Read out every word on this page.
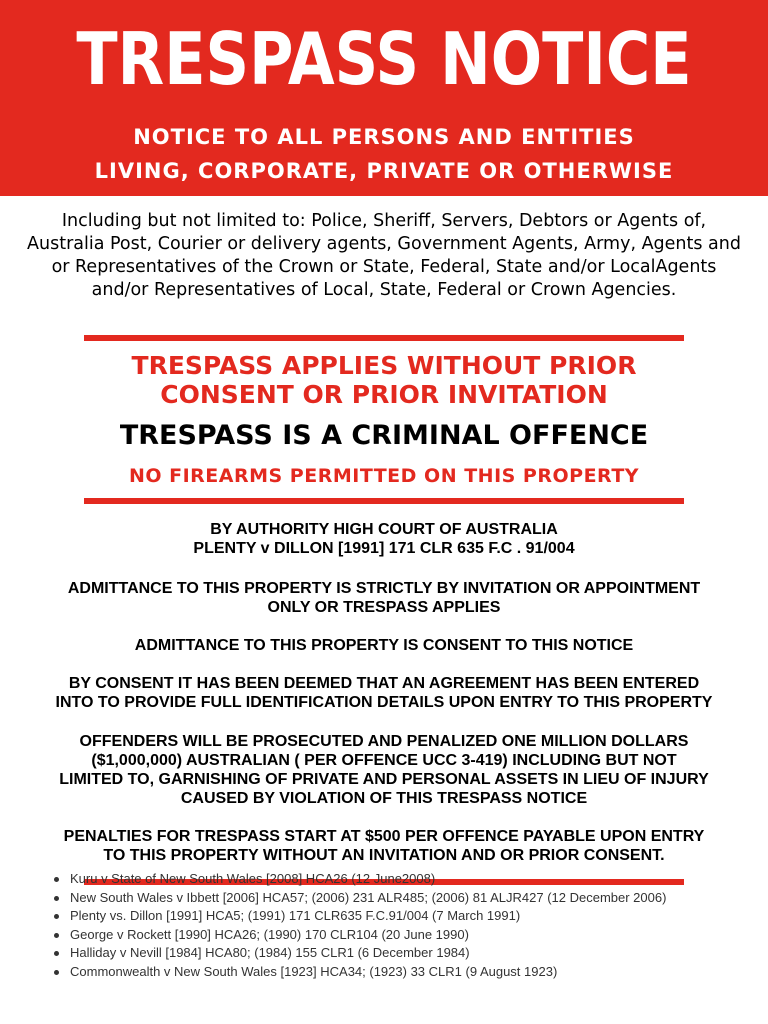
TRESPASS NOTICE
NOTICE TO ALL PERSONS AND ENTITIES
LIVING, CORPORATE, PRIVATE OR OTHERWISE
Including but not limited to: Police, Sheriff, Servers, Debtors or Agents of, Australia Post, Courier or delivery agents, Government Agents, Army, Agents and or Representatives of the Crown or State, Federal, State and/or LocalAgents and/or Representatives of Local, State, Federal or Crown Agencies.
TRESPASS APPLIES WITHOUT PRIOR
CONSENT OR PRIOR INVITATION
TRESPASS IS A CRIMINAL OFFENCE
NO FIREARMS PERMITTED ON THIS PROPERTY
BY AUTHORITY HIGH COURT OF AUSTRALIA
PLENTY v DILLON [1991] 171 CLR 635 F.C . 91/004
ADMITTANCE TO THIS PROPERTY IS STRICTLY BY INVITATION OR APPOINTMENT
ONLY OR TRESPASS APPLIES
ADMITTANCE TO THIS PROPERTY IS CONSENT TO THIS NOTICE
BY CONSENT IT HAS BEEN DEEMED THAT AN AGREEMENT HAS BEEN ENTERED
INTO TO PROVIDE FULL IDENTIFICATION DETAILS UPON ENTRY TO THIS PROPERTY
OFFENDERS WILL BE PROSECUTED AND PENALIZED ONE MILLION DOLLARS
($1,000,000) AUSTRALIAN ( PER OFFENCE UCC 3-419) INCLUDING BUT NOT
LIMITED TO, GARNISHING OF PRIVATE AND PERSONAL ASSETS IN LIEU OF INJURY
CAUSED BY VIOLATION OF THIS TRESPASS NOTICE
PENALTIES FOR TRESPASS START AT $500 PER OFFENCE PAYABLE UPON ENTRY
TO THIS PROPERTY WITHOUT AN INVITATION AND OR PRIOR CONSENT.
Kuru v State of New South Wales [2008] HCA26 (12 June2008)
New South Wales v Ibbett [2006] HCA57; (2006) 231 ALR485; (2006) 81 ALJR427 (12 December 2006)
Plenty vs. Dillon [1991] HCA5; (1991) 171 CLR635 F.C.91/004 (7 March 1991)
George v Rockett [1990] HCA26; (1990) 170 CLR104 (20 June 1990)
Halliday v Nevill [1984] HCA80; (1984) 155 CLR1 (6 December 1984)
Commonwealth v New South Wales [1923] HCA34; (1923) 33 CLR1 (9 August 1923)
